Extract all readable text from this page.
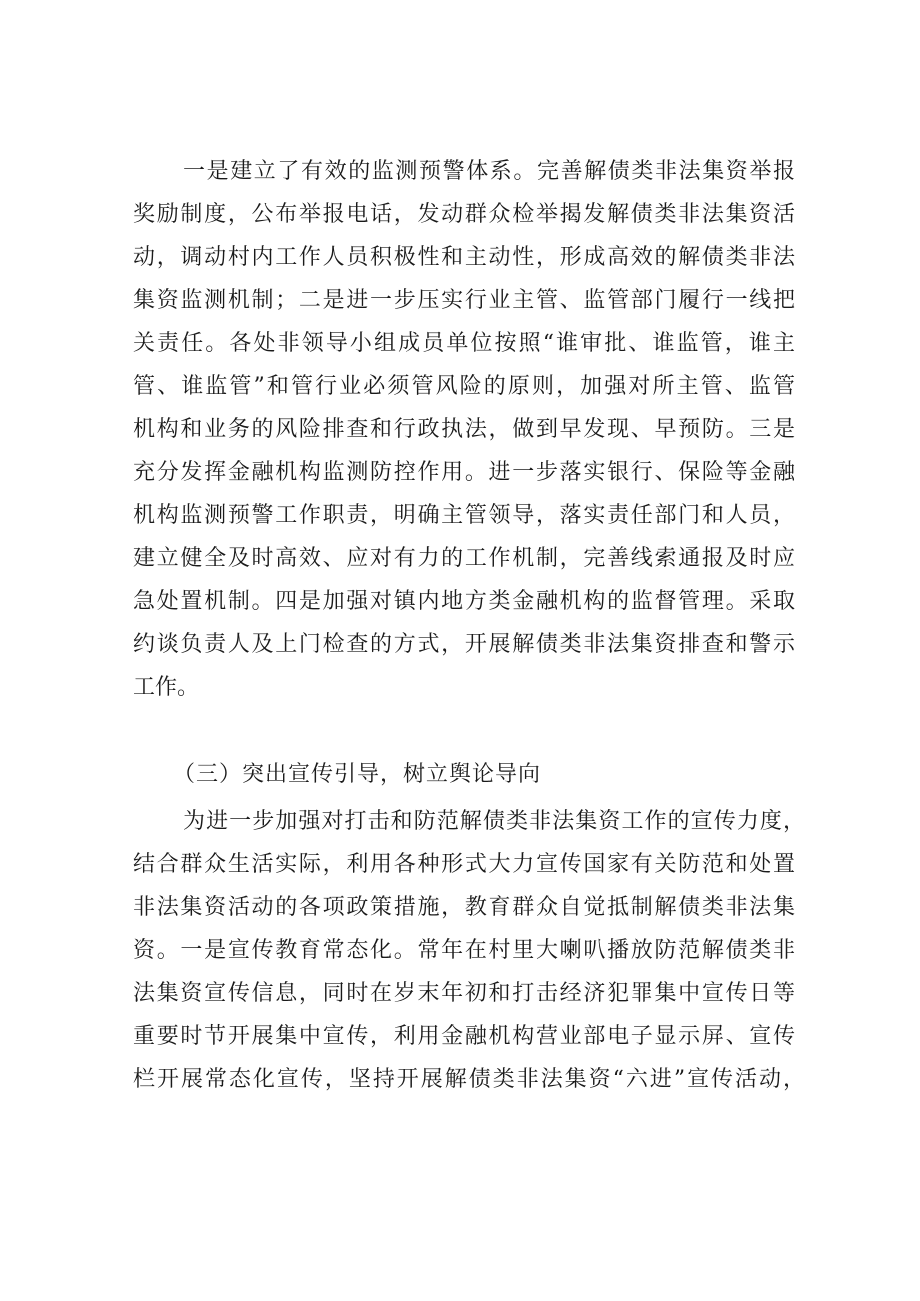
一是建立了有效的监测预警体系。完善解债类非法集资举报
奖励制度，公布举报电话，发动群众检举揭发解债类非法集资活
动，调动村内工作人员积极性和主动性，形成高效的解债类非法
集资监测机制；二是进一步压实行业主管、监管部门履行一线把
关责任。各处非领导小组成员单位按照“谁审批、谁监管，谁主
管、谁监管”和管行业必须管风险的原则，加强对所主管、监管
机构和业务的风险排查和行政执法，做到早发现、早预防。三是
充分发挥金融机构监测防控作用。进一步落实银行、保险等金融
机构监测预警工作职责，明确主管领导，落实责任部门和人员，
建立健全及时高效、应对有力的工作机制，完善线索通报及时应
急处置机制。四是加强对镇内地方类金融机构的监督管理。采取
约谈负责人及上门检查的方式，开展解债类非法集资排查和警示
工作。
（三）突出宣传引导，树立舆论导向
为进一步加强对打击和防范解债类非法集资工作的宣传力度，
结合群众生活实际，利用各种形式大力宣传国家有关防范和处置
非法集资活动的各项政策措施，教育群众自觉抵制解债类非法集
资。一是宣传教育常态化。常年在村里大喇叭播放防范解债类非
法集资宣传信息，同时在岁末年初和打击经济犯罪集中宣传日等
重要时节开展集中宣传，利用金融机构营业部电子显示屏、宣传
栏开展常态化宣传，坚持开展解债类非法集资“六进”宣传活动，
